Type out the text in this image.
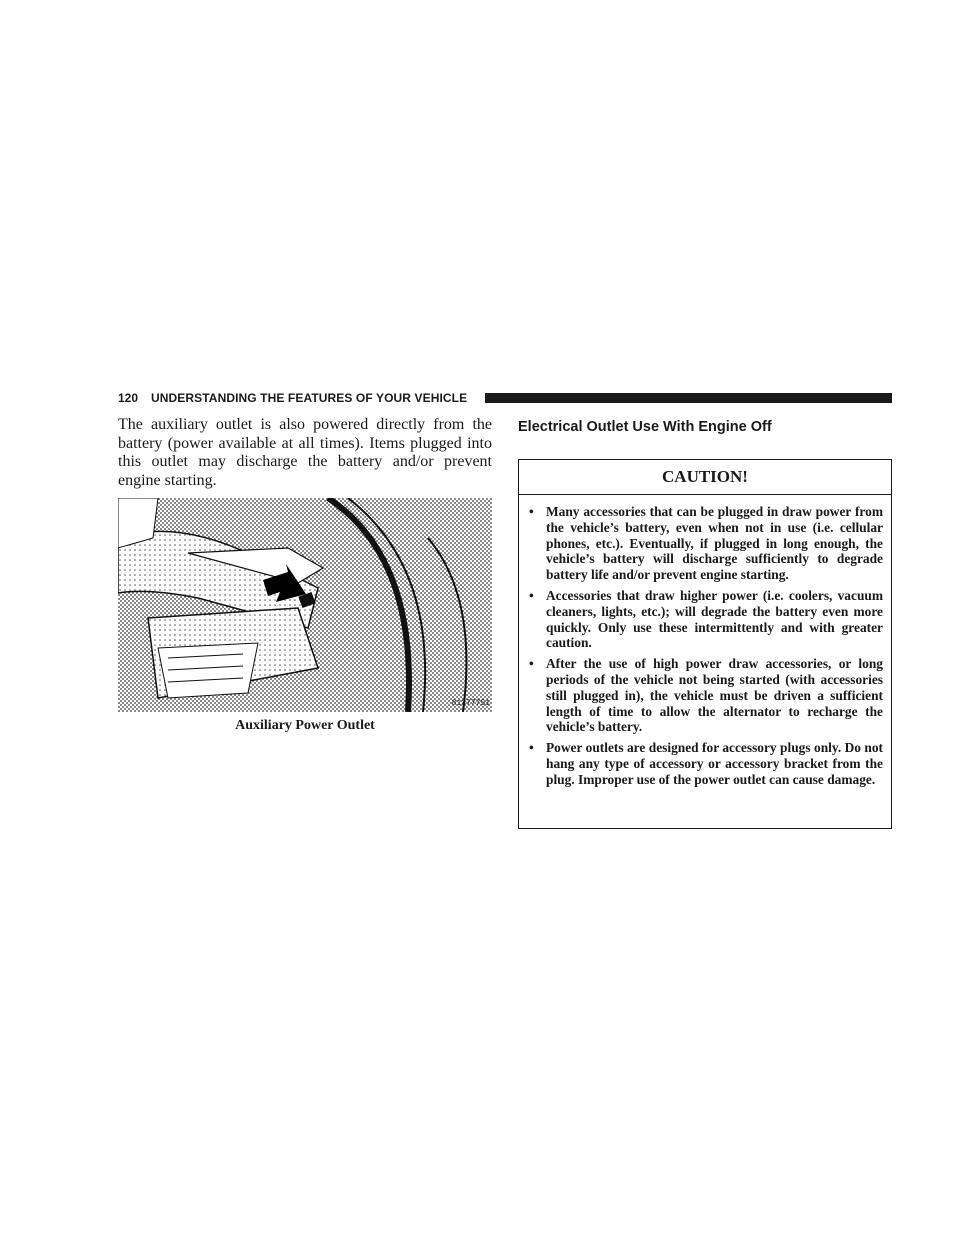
120 UNDERSTANDING THE FEATURES OF YOUR VEHICLE

The auxiliary outlet is also powered directly from the battery (power available at all times). Items plugged into this outlet may discharge the battery and/or prevent engine starting.

81377751
Auxiliary Power Outlet
Electrical Outlet Use With Engine Off
CAUTION!
• Many accessories that can be plugged in draw power from the vehicle’s battery, even when not in use (i.e. cellular phones, etc.). Eventually, if plugged in long enough, the vehicle’s battery will discharge sufficiently to degrade battery life and/or prevent engine starting.
• Accessories that draw higher power (i.e. coolers, vacuum cleaners, lights, etc.); will degrade the battery even more quickly. Only use these intermittently and with greater caution.
• After the use of high power draw accessories, or long periods of the vehicle not being started (with accessories still plugged in), the vehicle must be driven a sufficient length of time to allow the alternator to recharge the vehicle’s battery.
• Power outlets are designed for accessory plugs only. Do not hang any type of accessory or accessory bracket from the plug. Improper use of the power outlet can cause damage.
